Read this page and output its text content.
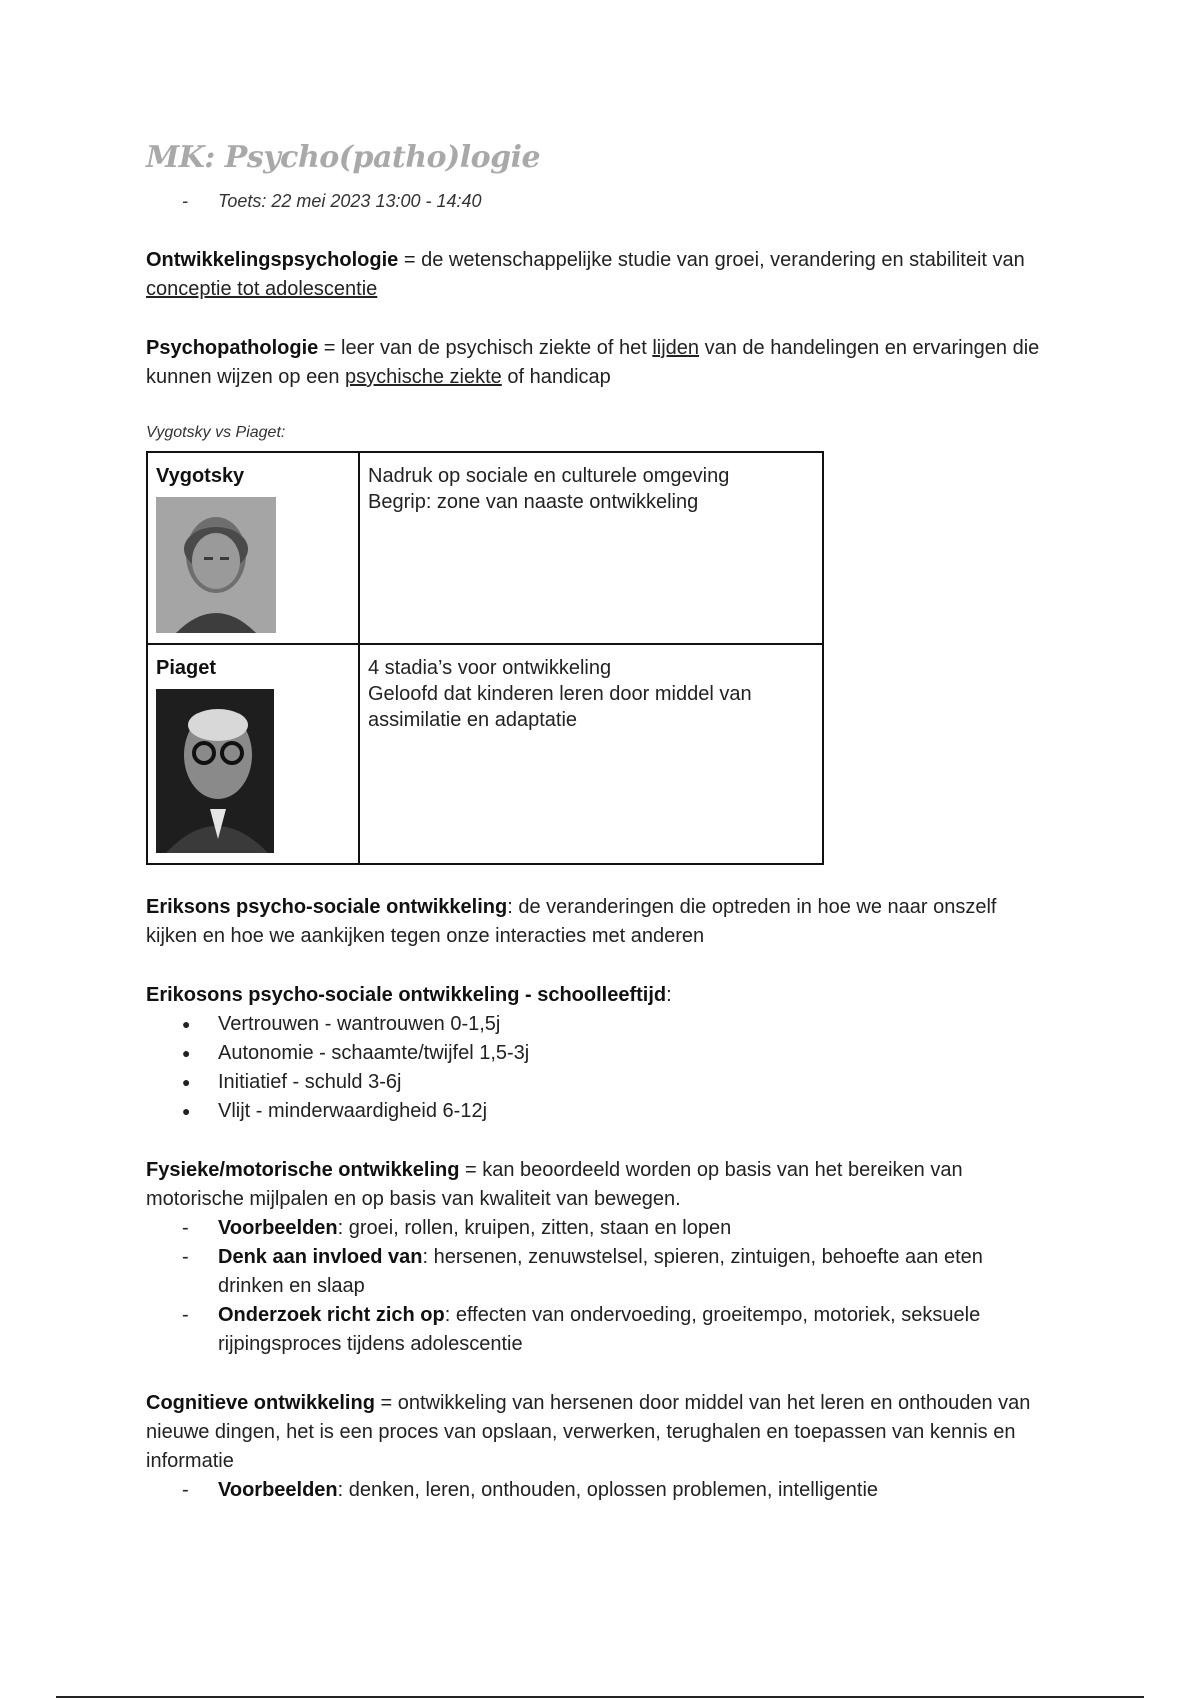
MK: Psycho(patho)logie
- Toets: 22 mei 2023 13:00 - 14:40

Ontwikkelingspsychologie = de wetenschappelijke studie van groei, verandering en stabiliteit van conceptie tot adolescentie

Psychopathologie = leer van de psychisch ziekte of het lijden van de handelingen en ervaringen die kunnen wijzen op een psychische ziekte of handicap

Vygotsky vs Piaget:

Vygotsky	Nadruk op sociale en culturele omgeving
Begrip: zone van naaste ontwikkeling

Piaget	4 stadia’s voor ontwikkeling
Geloofd dat kinderen leren door middel van assimilatie en adaptatie

Eriksons psycho-sociale ontwikkeling: de veranderingen die optreden in hoe we naar onszelf kijken en hoe we aankijken tegen onze interacties met anderen

Erikosons psycho-sociale ontwikkeling - schoolleeftijd:

● Vertrouwen - wantrouwen 0-1,5j
● Autonomie - schaamte/twijfel 1,5-3j
● Initiatief - schuld 3-6j
● Vlijt - minderwaardigheid 6-12j

Fysieke/motorische ontwikkeling = kan beoordeeld worden op basis van het bereiken van motorische mijlpalen en op basis van kwaliteit van bewegen.

- Voorbeelden: groei, rollen, kruipen, zitten, staan en lopen
- Denk aan invloed van: hersenen, zenuwstelsel, spieren, zintuigen, behoefte aan eten drinken en slaap
- Onderzoek richt zich op: effecten van ondervoeding, groeitempo, motoriek, seksuele rijpingsproces tijdens adolescentie

Cognitieve ontwikkeling = ontwikkeling van hersenen door middel van het leren en onthouden van nieuwe dingen, het is een proces van opslaan, verwerken, terughalen en toepassen van kennis en informatie

- Voorbeelden: denken, leren, onthouden, oplossen problemen, intelligentie
